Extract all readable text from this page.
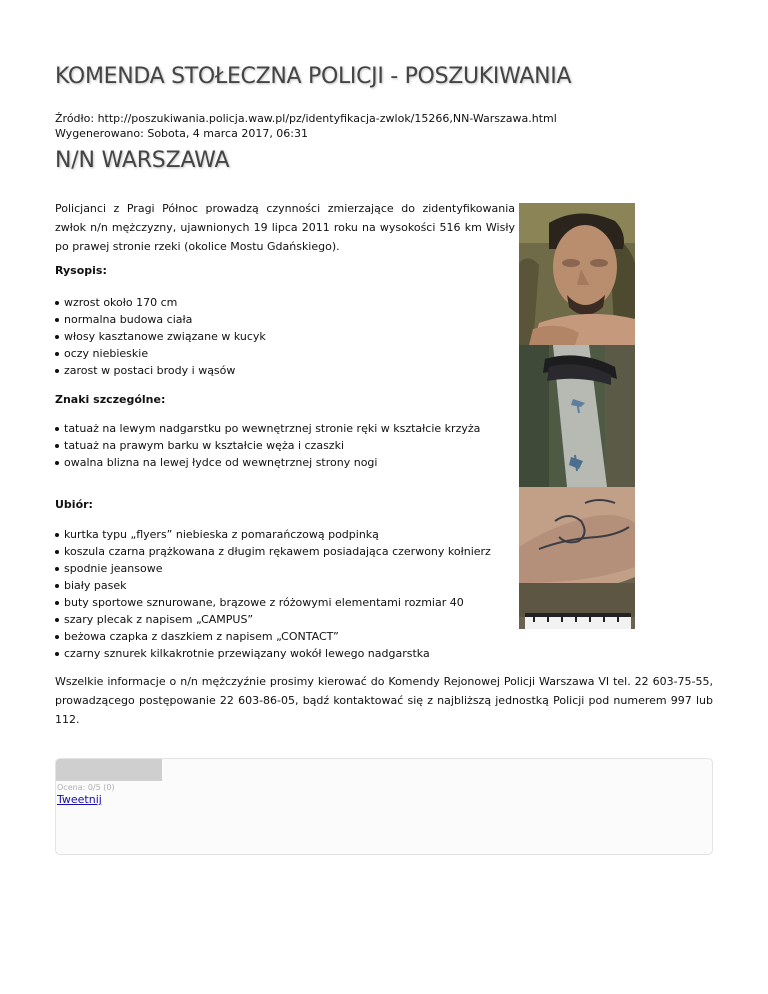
KOMENDA STOŁECZNA POLICJI - POSZUKIWANIA
Źródło: http://poszukiwania.policja.waw.pl/pz/identyfikacja-zwlok/15266,NN-Warszawa.html
Wygenerowano: Sobota, 4 marca 2017, 06:31
N/N WARSZAWA

Policjanci z Pragi Północ prowadzą czynności zmierzające do zidentyfikowania zwłok n/n mężczyzny, ujawnionych 19 lipca 2011 roku na wysokości 516 km Wisły po prawej stronie rzeki (okolice Mostu Gdańskiego).

Rysopis:

wzrost około 170 cm
normalna budowa ciała
włosy kasztanowe związane w kucyk
oczy niebieskie
zarost w postaci brody i wąsów

Znaki szczególne:

tatuaż na lewym nadgarstku po wewnętrznej stronie ręki w kształcie krzyża
tatuaż na prawym barku w kształcie węża i czaszki
owalna blizna na lewej łydce od wewnętrznej strony nogi

Ubiór:

kurtka typu „flyers” niebieska z pomarańczową podpinką
koszula czarna prążkowana z długim rękawem posiadająca czerwony kołnierz
spodnie jeansowe
biały pasek
buty sportowe sznurowane, brązowe z różowymi elementami rozmiar 40
szary plecak z napisem „CAMPUS”
beżowa czapka z daszkiem z napisem „CONTACT”
czarny sznurek kilkakrotnie przewiązany wokół lewego nadgarstka

Wszelkie informacje o n/n mężczyźnie prosimy kierować do Komendy Rejonowej Policji Warszawa VI tel. 22 603-75-55, prowadzącego postępowanie 22 603-86-05, bądź kontaktować się z najbliższą jednostką Policji pod numerem 997 lub 112.

Ocena: 0/5 (0)
Tweetnij
